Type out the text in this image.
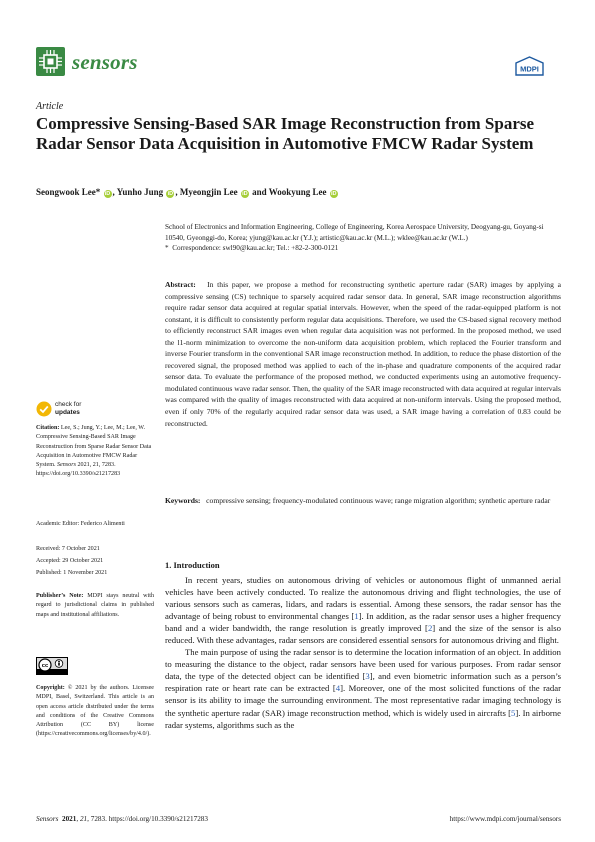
sensors	MDPI
Article
Compressive Sensing-Based SAR Image Reconstruction from Sparse Radar Sensor Data Acquisition in Automotive FMCW Radar System
Seongwook Lee* iD , Yunho Jung iD , Myeongjin Lee iD and Wookyung Lee iD
School of Electronics and Information Engineering, College of Engineering, Korea Aerospace University, Deogyang-gu, Goyang-si 10540, Gyeonggi-do, Korea; yjung@kau.ac.kr (Y.J.); artistic@kau.ac.kr (M.L.); wklee@kau.ac.kr (W.L.)
* Correspondence: swl90@kau.ac.kr; Tel.: +82-2-300-0121
Abstract: In this paper, we propose a method for reconstructing synthetic aperture radar (SAR) images by applying a compressive sensing (CS) technique to sparsely acquired radar sensor data. In general, SAR image reconstruction algorithms require radar sensor data acquired at regular spatial intervals. However, when the speed of the radar-equipped platform is not constant, it is difficult to consistently perform regular data acquisitions. Therefore, we used the CS-based signal recovery method to efficiently reconstruct SAR images even when regular data acquisition was not performed. In the proposed method, we used the l1-norm minimization to overcome the non-uniform data acquisition problem, which replaced the Fourier transform and inverse Fourier transform in the conventional SAR image reconstruction method. In addition, to reduce the phase distortion of the recovered signal, the proposed method was applied to each of the in-phase and quadrature components of the acquired radar sensor data. To evaluate the performance of the proposed method, we conducted experiments using an automotive frequency-modulated continuous wave radar sensor. Then, the quality of the SAR image reconstructed with data acquired at regular intervals was compared with the quality of images reconstructed with data acquired at non-uniform intervals. Using the proposed method, even if only 70% of the regularly acquired radar sensor data was used, a SAR image having a correlation of 0.83 could be reconstructed.
Keywords: compressive sensing; frequency-modulated continuous wave; range migration algorithm; synthetic aperture radar
1. Introduction

In recent years, studies on autonomous driving of vehicles or autonomous flight of unmanned aerial vehicles have been actively conducted. To realize the autonomous driving and flight technologies, the use of various sensors such as cameras, lidars, and radars is essential. Among these sensors, the radar sensor has the advantage of being robust to environmental changes [1]. In addition, as the radar sensor uses a higher frequency band and a wider bandwidth, the range resolution is greatly improved [2] and the size of the sensor is also reduced. With these advantages, radar sensors are considered essential sensors for autonomous driving and flight.

The main purpose of using the radar sensor is to determine the location information of an object. In addition to measuring the distance to the object, radar sensors have been used for various purposes. From radar sensor data, the type of the detected object can be identified [3], and even biometric information such as a person’s respiration rate or heart rate can be extracted [4]. Moreover, one of the most solicited functions of the radar sensor is its ability to image the surrounding environment. The most representative radar imaging technology is the synthetic aperture radar (SAR) image reconstruction method, which is widely used in aircrafts [5]. In airborne radar systems, algorithms such as the

check for
updates
Citation: Lee, S.; Jung, Y.; Lee, M.; Lee, W. Compressive Sensing-Based SAR Image Reconstruction from Sparse Radar Sensor Data Acquisition in Automotive FMCW Radar System. Sensors 2021, 21, 7283. https://doi.org/10.3390/s21217283
Academic Editor: Federico Alimenti
Received: 7 October 2021
Accepted: 29 October 2021
Published: 1 November 2021
Publisher’s Note: MDPI stays neutral with regard to jurisdictional claims in published maps and institutional affiliations.
cc
Copyright: © 2021 by the authors. Licensee MDPI, Basel, Switzerland. This article is an open access article distributed under the terms and conditions of the Creative Commons Attribution (CC BY) license (https://creativecommons.org/licenses/by/4.0/).
Sensors 2021, 21, 7283. https://doi.org/10.3390/s21217283	https://www.mdpi.com/journal/sensors
